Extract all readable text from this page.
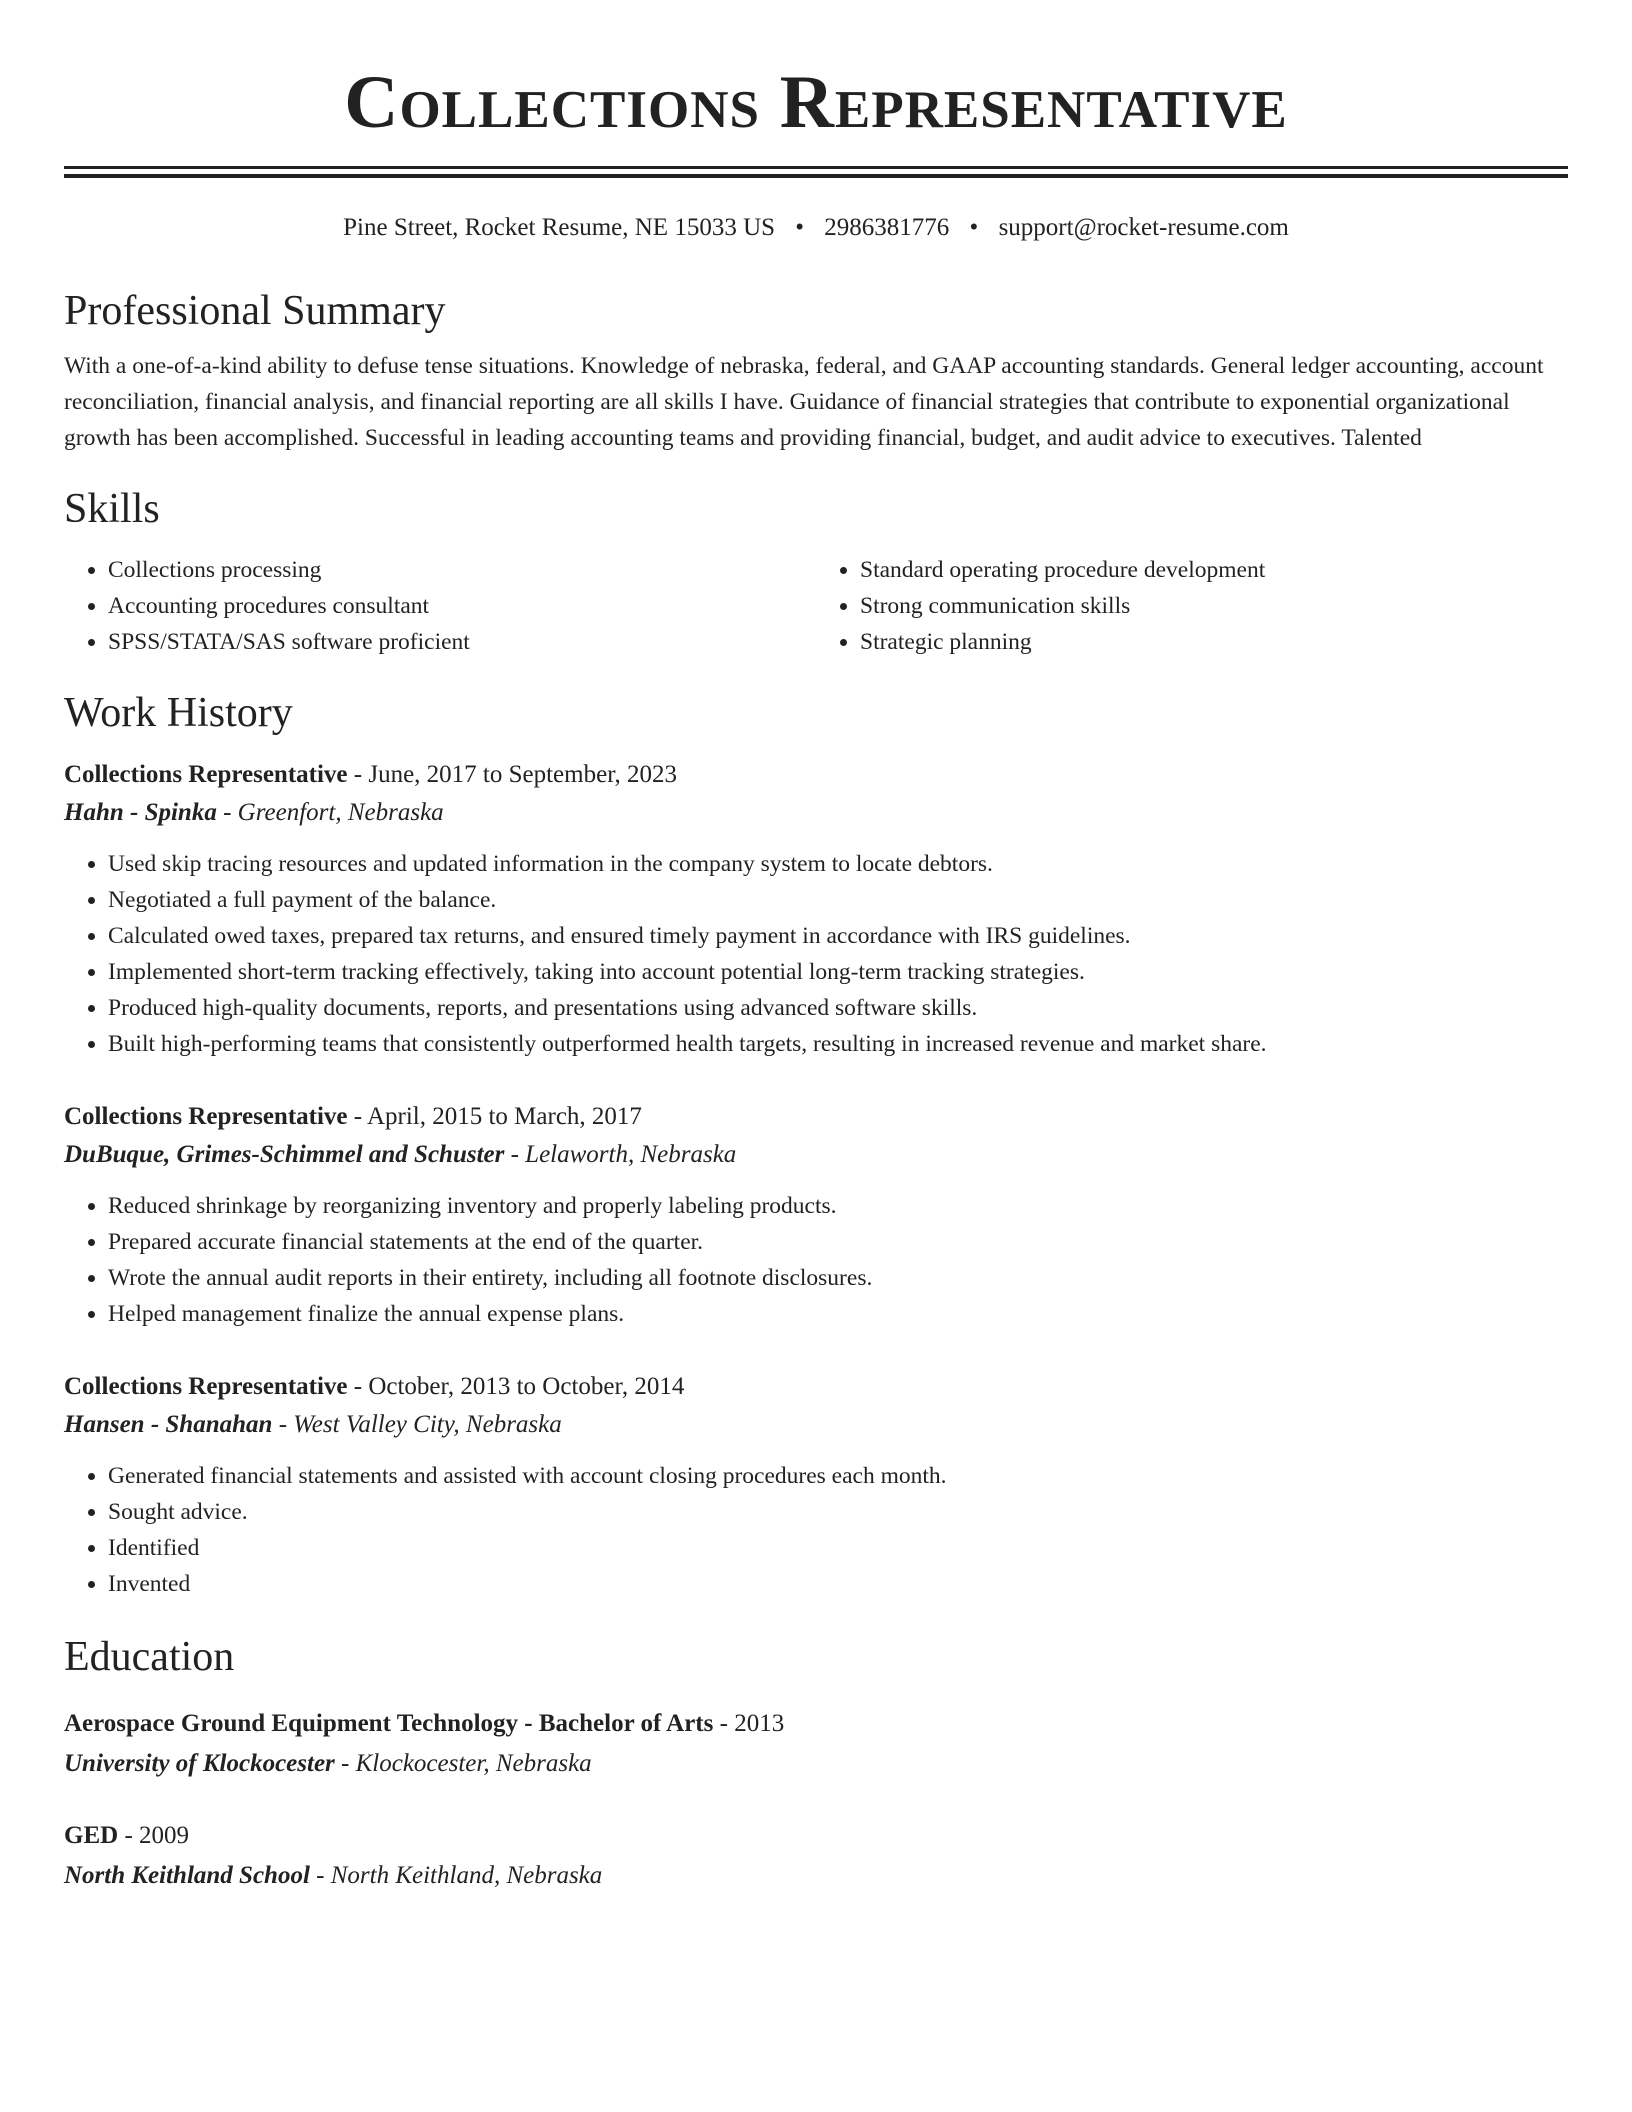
Collections Representative
Pine Street, Rocket Resume, NE 15033 US • 2986381776 • support@rocket-resume.com
Professional Summary
With a one-of-a-kind ability to defuse tense situations. Knowledge of nebraska, federal, and GAAP accounting standards. General ledger accounting, account reconciliation, financial analysis, and financial reporting are all skills I have. Guidance of financial strategies that contribute to exponential organizational growth has been accomplished. Successful in leading accounting teams and providing financial, budget, and audit advice to executives. Talented
Skills
• Collections processing
• Accounting procedures consultant
• SPSS/STATA/SAS software proficient
• Standard operating procedure development
• Strong communication skills
• Strategic planning
Work History
Collections Representative - June, 2017 to September, 2023
Hahn - Spinka - Greenfort, Nebraska
• Used skip tracing resources and updated information in the company system to locate debtors.
• Negotiated a full payment of the balance.
• Calculated owed taxes, prepared tax returns, and ensured timely payment in accordance with IRS guidelines.
• Implemented short-term tracking effectively, taking into account potential long-term tracking strategies.
• Produced high-quality documents, reports, and presentations using advanced software skills.
• Built high-performing teams that consistently outperformed health targets, resulting in increased revenue and market share.
Collections Representative - April, 2015 to March, 2017
DuBuque, Grimes-Schimmel and Schuster - Lelaworth, Nebraska
• Reduced shrinkage by reorganizing inventory and properly labeling products.
• Prepared accurate financial statements at the end of the quarter.
• Wrote the annual audit reports in their entirety, including all footnote disclosures.
• Helped management finalize the annual expense plans.
Collections Representative - October, 2013 to October, 2014
Hansen - Shanahan - West Valley City, Nebraska
• Generated financial statements and assisted with account closing procedures each month.
• Sought advice.
• Identified
• Invented
Education
Aerospace Ground Equipment Technology - Bachelor of Arts - 2013
University of Klockocester - Klockocester, Nebraska
GED - 2009
North Keithland School - North Keithland, Nebraska
